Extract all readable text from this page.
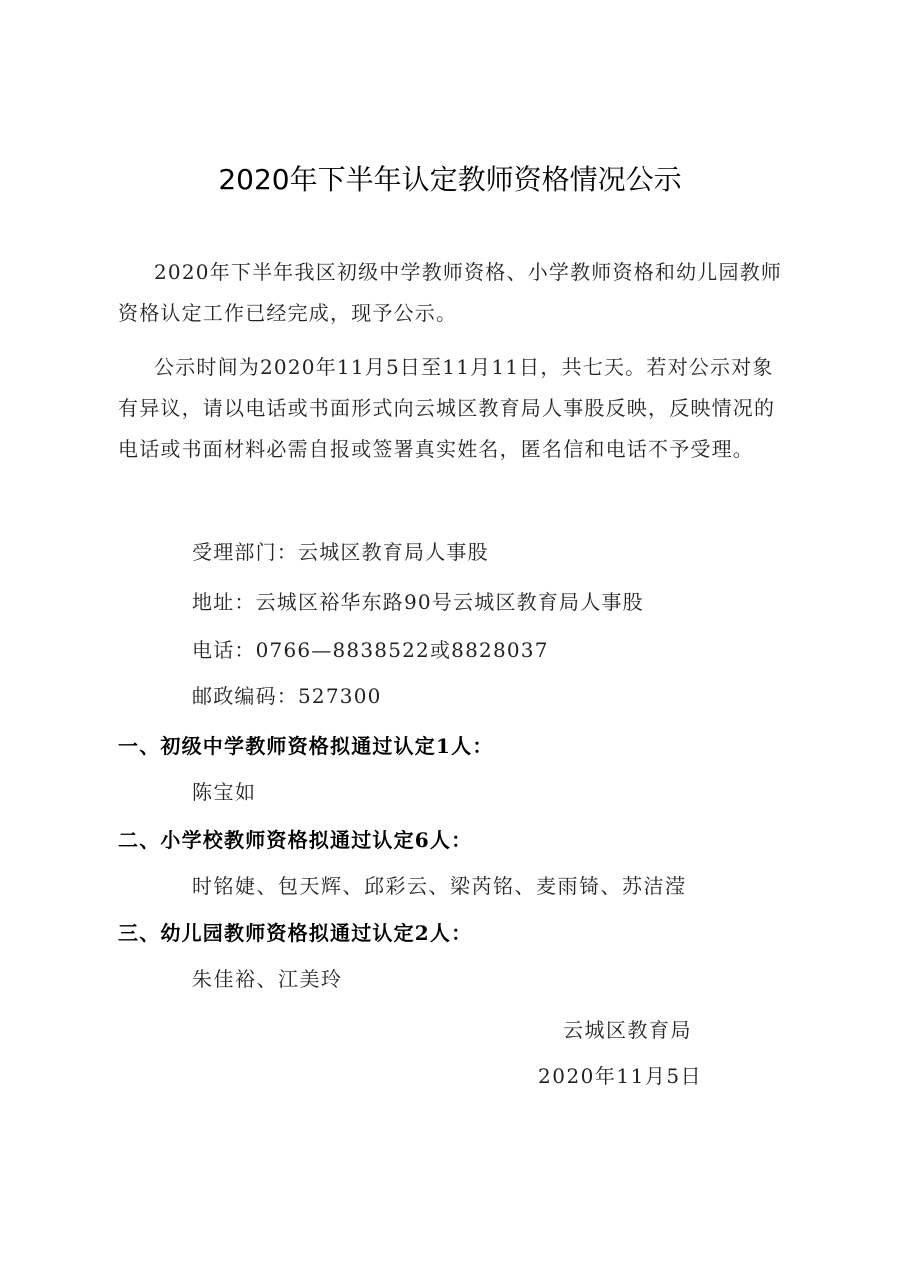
2020年下半年认定教师资格情况公示

2020年下半年我区初级中学教师资格、小学教师资格和幼儿园教师资格认定工作已经完成，现予公示。

公示时间为2020年11月5日至11月11日，共七天。若对公示对象有异议，请以电话或书面形式向云城区教育局人事股反映，反映情况的电话或书面材料必需自报或签署真实姓名，匿名信和电话不予受理。

受理部门：云城区教育局人事股

地址：云城区裕华东路90号云城区教育局人事股

电话：0766—8838522或8828037

邮政编码：527300

一、初级中学教师资格拟通过认定1人：

陈宝如

二、小学校教师资格拟通过认定6人：

时铭婕、包天辉、邱彩云、梁芮铭、麦雨锜、苏洁滢

三、幼儿园教师资格拟通过认定2人：

朱佳裕、江美玲

云城区教育局

2020年11月5日
